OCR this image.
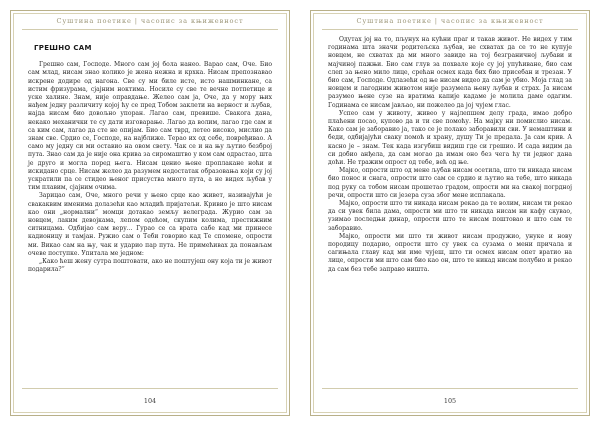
Суштина поетике | часопис за књижевност
ГРЕШНО САМ

Грешно сам, Господе. Много сам јој бола нанео. Варао сам, Оче. Био сам млад, нисам знао колико је жена нежна и крхка. Нисам препознавао искрене додире од нагона. Све су ми биле исте, исто нашминкане, са истим фризурама, сјајним ноктима. Носиле су све те вечне потпетице и уске халине. Знам, није оправдање. Желео сам ја, Оче, да у мору њих нађем једну различиту којој ћу се пред Тобом заклети на верност и љубав, најда нисам био довољно упоран. Лагао сам, превише. Свакога дана, некако механички те су дати изговарање. Лагао да волим, лагао где сам и са ким сам, лагао да сте не опијам. Био сам тврд, летео високо, мислио да знам све. Срдио се, Господе, на најближе. Терао их од себе, повређивао. А само му једну си ми оставио на овом свету. Чак се и на њу љутио безбрoј пута. Знао сам да је није она крива за сиромаштво у ком сам одрастао, шта је друго и могла поред њега. Нисам ценио њене проплакане ноћи и искидано срце. Нисам желео да разумем недостатак образовања који су јој ускратили па се стидео њеног присуства много пута, а не видех љубав у тим плавим, сјајним очима.

Зарицао сам, Оче, много речи у њено срце као живет, називајући је свакаквим именима долазећи као младић пријатељи. Кривио је што нисам као они „нормални“ момци дотакао земљу велеграда. Журио сам за новцем, лаким девојкама, лепом одећом, скупим колима, престижним ситницама. Одбијао сам веру... Гурао се са врата сабе кад ми принесе кадионицу и тамјан. Ружио сам о Теби говорио кад Те спомене, опрости ми. Викао сам на њу, чак и ударио пар пута. Не примећивах да понављам очеве поступке. Упитала ме једном:

„Како ћеш жену сутра поштовати, ако не поштујеш ону која ти је живот подарила?“

104
Суштина поетике | часопис за књижевност

Одутах јој на то, пљунух на кућни праг и такав живот. Не видех у тим годинама шта значи родитељска љубав, не схватах да се то не купује новцем, не схватах да ми много завиде на тој безграничној љубави и мајчиној пажњи. Био сам глув за похвале које су јој упућиване, био сам слеп за њено мило лице, срећан осмех када бих био присебан и трезан. У био сам, Господе. Одлазећи од ње нисам видео да сам је убио. Моја глад за новцем и лагодним животом није разумела њену љубав и страх. Ја нисам разумео њене сузе на вратима капије кадаме је молила даме одагим. Годинама се нисам јављао, ни пожелео да јој чујем глас.

Успео сам у животу, живео у најлепшем делу града, имао добро плаћени посао, купово да и ти све помоћу. На мајку ни помислио нисам. Како сам је заборавио ја, тако се је полако заборавили сви. У немаштини и беди, одбијајући сваку помоћ и храну, душу Ти је предала. Ја сам крив. А касно је – знам. Тек када изгубиш видиш где си грешио. И сада видим да си добио анђела, да сам могао да имам оно без чега ћу ти једног дана доћи. Не тражим опрост од тебе, већ од ње.

Мајко, опрости што од мене љубав нисам осетила, што ти никада нисам био понос и снага, опрости што сам се срдио и љутио на тебе, што никада под руку са тобом нисам прошетао градом, опрости ми на свакој погрдној речи, опрости што си језера суза због мене исплакала.

Мајко, опрости што ти никада нисам рекао да те волим, нисам ти рекао да си увек била дама, опрости ми што ти никада нисам ни кафу скувао, узимао последњи динар, опрости што те нисам поштовао и што сам те заборавио.

Мајко, опрости ми што ти живот нисам продужио, унуке и нову породицу подарио, опрости што су увек са сузама о мени причала и сагињала главу кад ми име чујеш, што ти осмех нисам опет вратио на лице, опрости ми што сам био као он, што те никад нисам полубио и рекао да сам без тебе заправо ништа.

105
